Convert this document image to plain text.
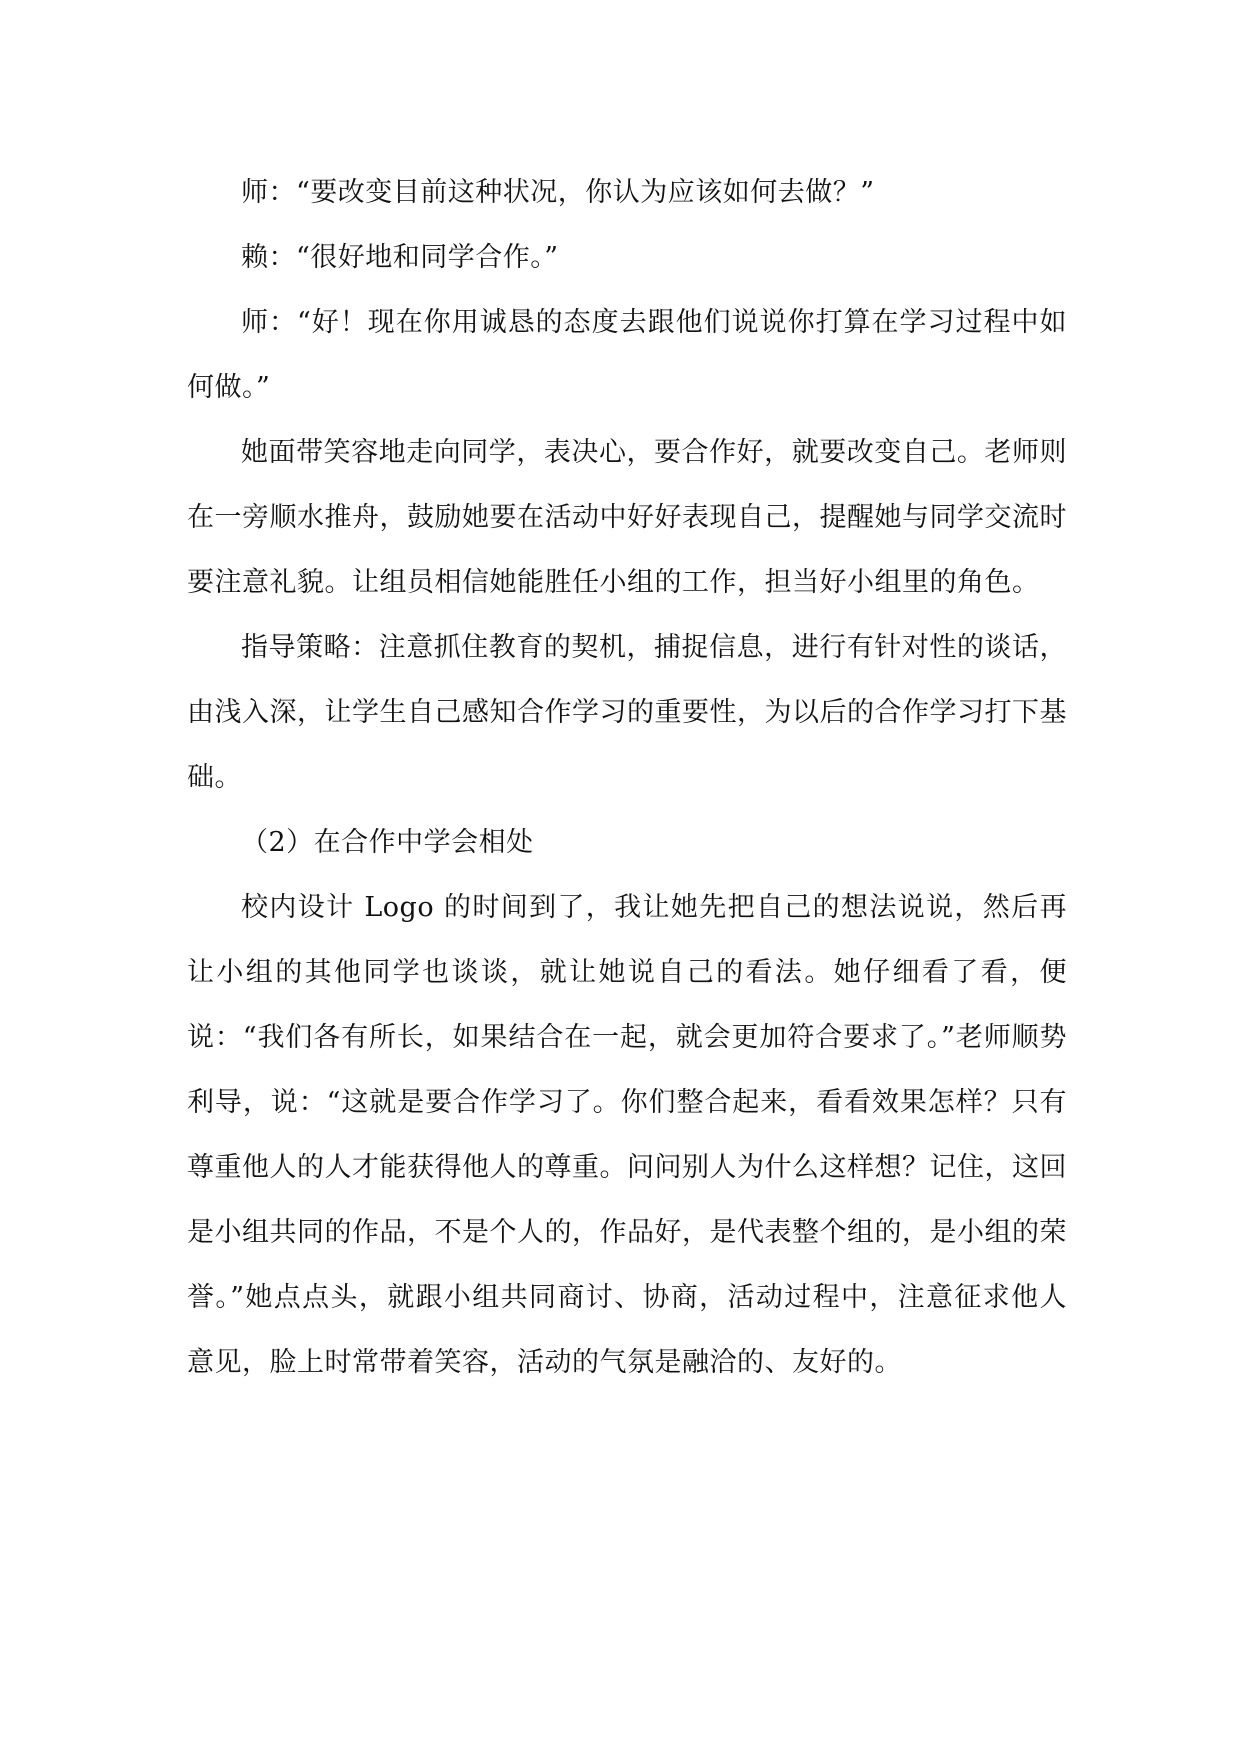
师：“要改变目前这种状况，你认为应该如何去做？”

赖：“很好地和同学合作。”

师：“好！现在你用诚恳的态度去跟他们说说你打算在学习过程中如何做。”

她面带笑容地走向同学，表决心，要合作好，就要改变自己。老师则在一旁顺水推舟，鼓励她要在活动中好好表现自己，提醒她与同学交流时要注意礼貌。让组员相信她能胜任小组的工作，担当好小组里的角色。

指导策略：注意抓住教育的契机，捕捉信息，进行有针对性的谈话，由浅入深，让学生自己感知合作学习的重要性，为以后的合作学习打下基础。

（2）在合作中学会相处

校内设计 Logo 的时间到了，我让她先把自己的想法说说，然后再让小组的其他同学也谈谈，就让她说自己的看法。她仔细看了看，便说：“我们各有所长，如果结合在一起，就会更加符合要求了。”老师顺势利导，说：“这就是要合作学习了。你们整合起来，看看效果怎样？只有尊重他人的人才能获得他人的尊重。问问别人为什么这样想？记住，这回是小组共同的作品，不是个人的，作品好，是代表整个组的，是小组的荣誉。”她点点头，就跟小组共同商讨、协商，活动过程中，注意征求他人意见，脸上时常带着笑容，活动的气氛是融洽的、友好的。
